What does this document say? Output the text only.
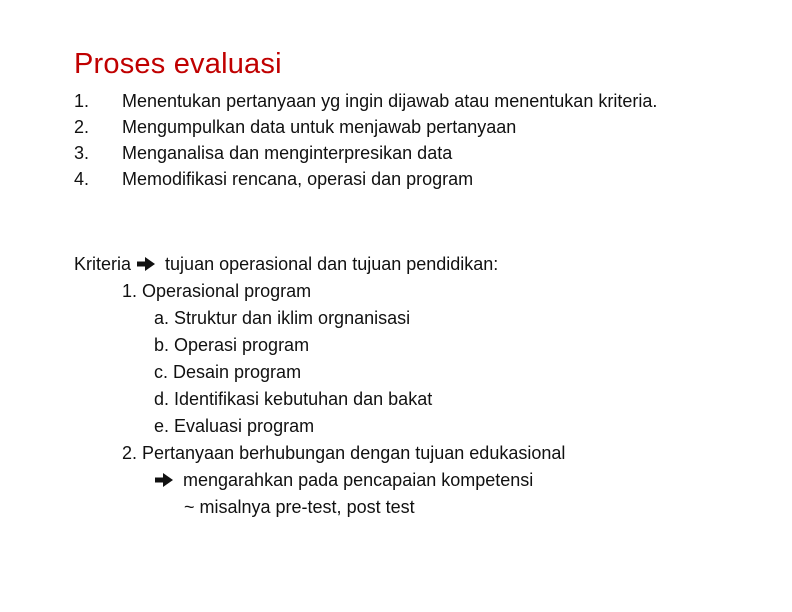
Proses evaluasi
1.	Menentukan pertanyaan yg ingin dijawab atau menentukan kriteria.
2.	Mengumpulkan data untuk menjawab pertanyaan
3.	Menganalisa dan menginterpresikan data
4.	Memodifikasi rencana, operasi dan program
Kriteria tujuan operasional dan tujuan pendidikan:
1. Operasional program
a. Struktur dan iklim orgnanisasi
b. Operasi program
c. Desain program
d. Identifikasi kebutuhan dan bakat
e. Evaluasi program
2. Pertanyaan berhubungan dengan tujuan edukasional
mengarahkan pada pencapaian kompetensi
~ misalnya pre-test, post test
